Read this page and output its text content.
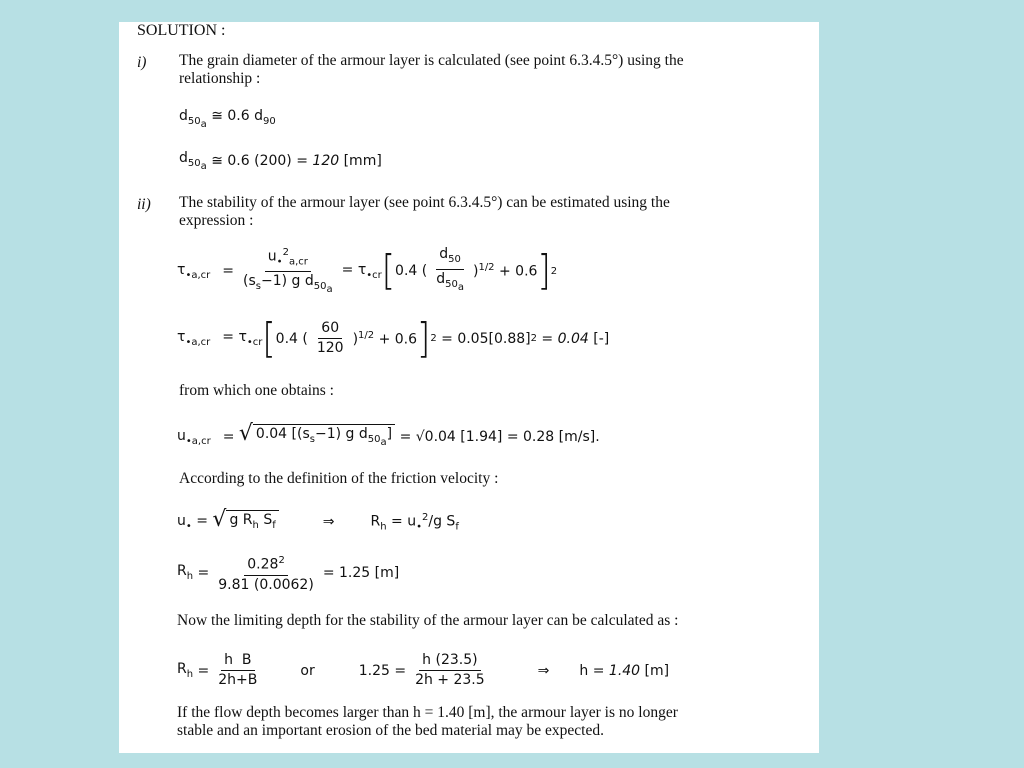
SOLUTION :
i) The grain diameter of the armour layer is calculated (see point 6.3.4.5°) using the
relationship :
$d_{50_a}$ ≅ 0.6 $d_{90}$
$d_{50_a}$ ≅ 0.6 (200) =
120
[mm]
ii) The stability of the armour layer (see point 6.3.4.5°) can be estimated using the
expression :
$\tau_{•a,cr} = \frac{u_•^2_{a,cr}}{(s_s-1) g d_{50_a}} = \tau_{•cr}$ [ 0.4 ( $\frac{d_{50}}{d_{50_a}} )^{1/2} + 0.6$ ] 2
$\tau_{•a,cr} = \tau_{•cr}$ [ 0.4 ( $\frac{60}{120} )^{1/2} + 0.6$ ] 2
= 0.05[0.88] 2 = 0.04
[-]
from which one obtains :
$u_{•a,cr}$ =
√ 0.04 [$(s_s-1)$ g $d_{50_a}$]
= √0.04 [1.94] =
0.28 [m/s].
According to the definition of the friction velocity :
$u_•$ = √ g $R_h$ $S_f$	⇒	$R_h = u_•^2/g$ $S_f$
$R_h$
= $\frac{0.28^2}{9.81 (0.0062)} = 1.25$ [m]
Now the limiting depth for the stability of the armour layer can be calculated as :
$R_h$
= $\frac{\text{h  B}}{2h+B}$	or	$1.25 = \frac{h (23.5)}{2h + 23.5}$	⇒ h = 1.40
[m]
If the flow depth becomes larger than h = 1.40 [m], the armour layer is no longer
stable and an important erosion of the bed material may be expected.
